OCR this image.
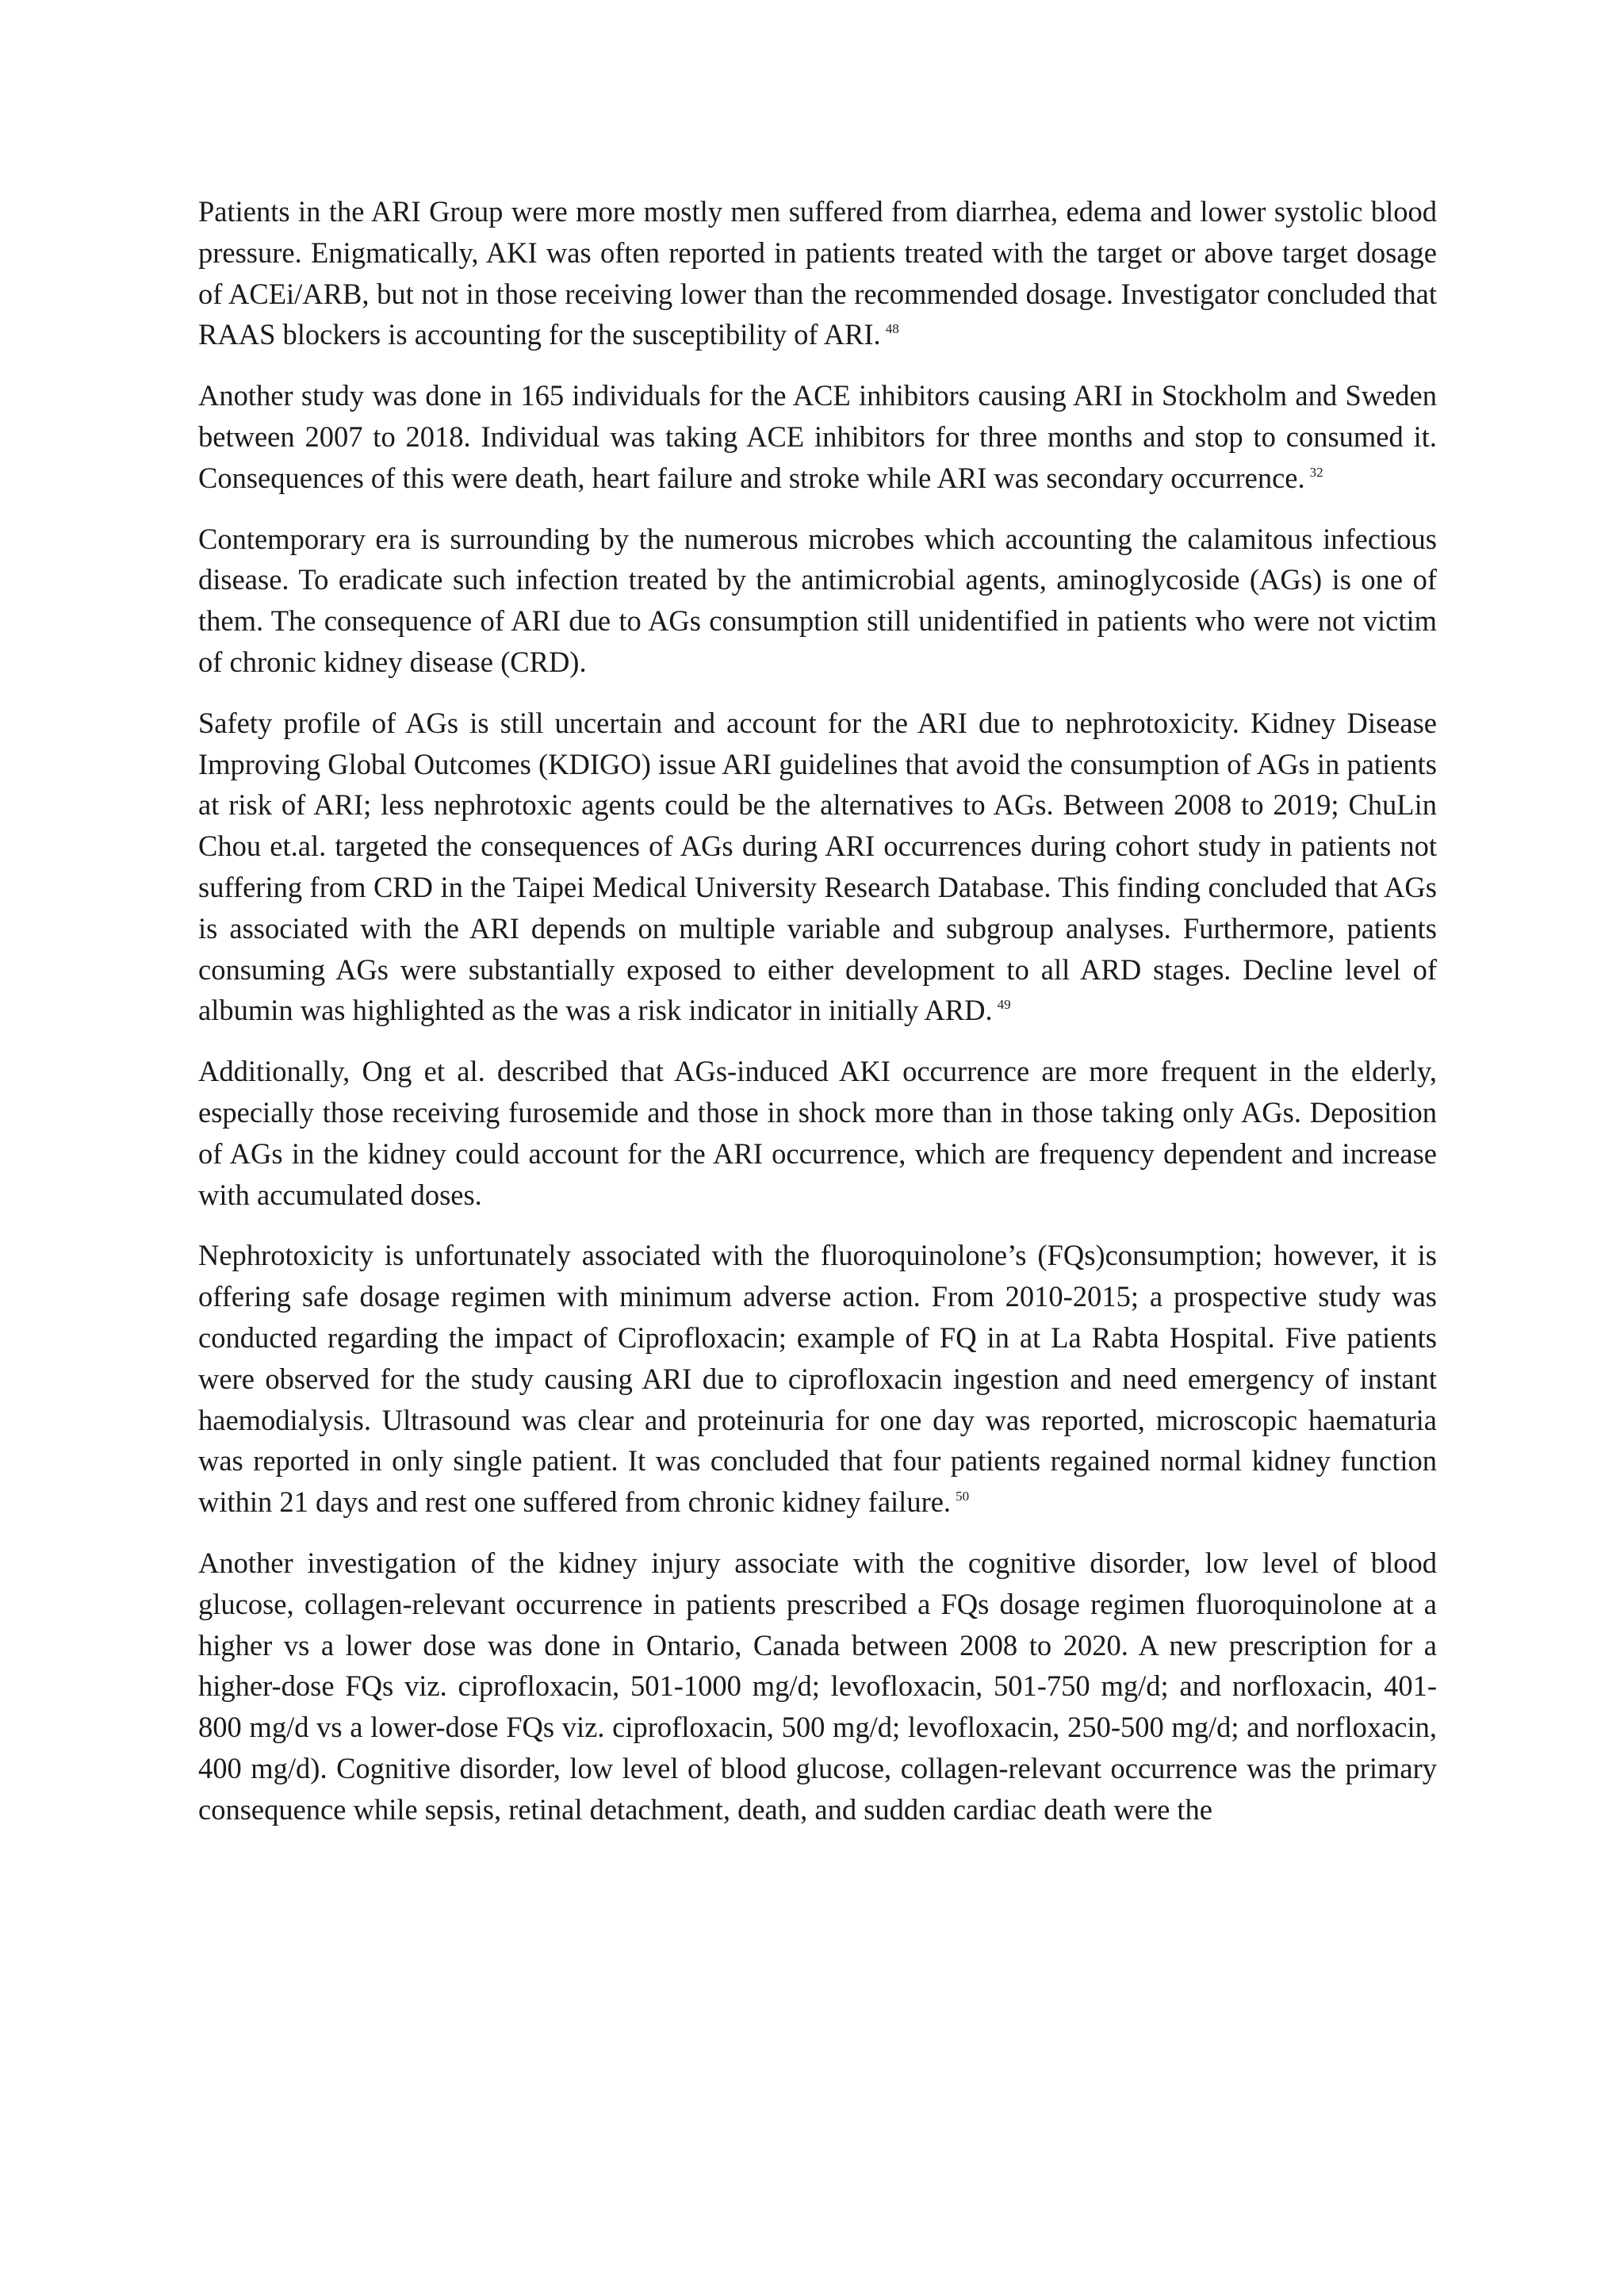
Patients in the ARI Group were more mostly men suffered from diarrhea, edema and lower systolic blood pressure. Enigmatically, AKI was often reported in patients treated with the target or above target dosage of ACEi/ARB, but not in those receiving lower than the recommended dosage. Investigator concluded that RAAS blockers is accounting for the susceptibility of ARI. $^{48}$

Another study was done in 165 individuals for the ACE inhibitors causing ARI in Stockholm and Sweden between 2007 to 2018. Individual was taking ACE inhibitors for three months and stop to consumed it. Consequences of this were death, heart failure and stroke while ARI was secondary occurrence. $^{32}$

Contemporary era is surrounding by the numerous microbes which accounting the calamitous infectious disease. To eradicate such infection treated by the antimicrobial agents, aminoglycoside (AGs) is one of them. The consequence of ARI due to AGs consumption still unidentified in patients who were not victim of chronic kidney disease (CRD).

Safety profile of AGs is still uncertain and account for the ARI due to nephrotoxicity. Kidney Disease Improving Global Outcomes (KDIGO) issue ARI guidelines that avoid the consumption of AGs in patients at risk of ARI; less nephrotoxic agents could be the alternatives to AGs. Between 2008 to 2019; ChuLin Chou et.al. targeted the consequences of AGs during ARI occurrences during cohort study in patients not suffering from CRD in the Taipei Medical University Research Database. This finding concluded that AGs is associated with the ARI depends on multiple variable and subgroup analyses. Furthermore, patients consuming AGs were substantially exposed to either development to all ARD stages. Decline level of albumin was highlighted as the was a risk indicator in initially ARD. $^{49}$

Additionally, Ong et al. described that AGs-induced AKI occurrence are more frequent in the elderly, especially those receiving furosemide and those in shock more than in those taking only AGs. Deposition of AGs in the kidney could account for the ARI occurrence, which are frequency dependent and increase with accumulated doses.

Nephrotoxicity is unfortunately associated with the fluoroquinolone’s (FQs)consumption; however, it is offering safe dosage regimen with minimum adverse action. From 2010-2015; a prospective study was conducted regarding the impact of Ciprofloxacin; example of FQ in at La Rabta Hospital. Five patients were observed for the study causing ARI due to ciprofloxacin ingestion and need emergency of instant haemodialysis. Ultrasound was clear and proteinuria for one day was reported, microscopic haematuria was reported in only single patient. It was concluded that four patients regained normal kidney function within 21 days and rest one suffered from chronic kidney failure. $^{50}$

Another investigation of the kidney injury associate with the cognitive disorder, low level of blood glucose, collagen-relevant occurrence in patients prescribed a FQs dosage regimen fluoroquinolone at a higher vs a lower dose was done in Ontario, Canada between 2008 to 2020. A new prescription for a higher-dose FQs viz. ciprofloxacin, 501-1000 mg/d; levofloxacin, 501-750 mg/d; and norfloxacin, 401-800 mg/d vs a lower-dose FQs viz. ciprofloxacin, 500 mg/d; levofloxacin, 250-500 mg/d; and norfloxacin, 400 mg/d). Cognitive disorder, low level of blood glucose, collagen-relevant occurrence was the primary consequence while sepsis, retinal detachment, death, and sudden cardiac death were the
